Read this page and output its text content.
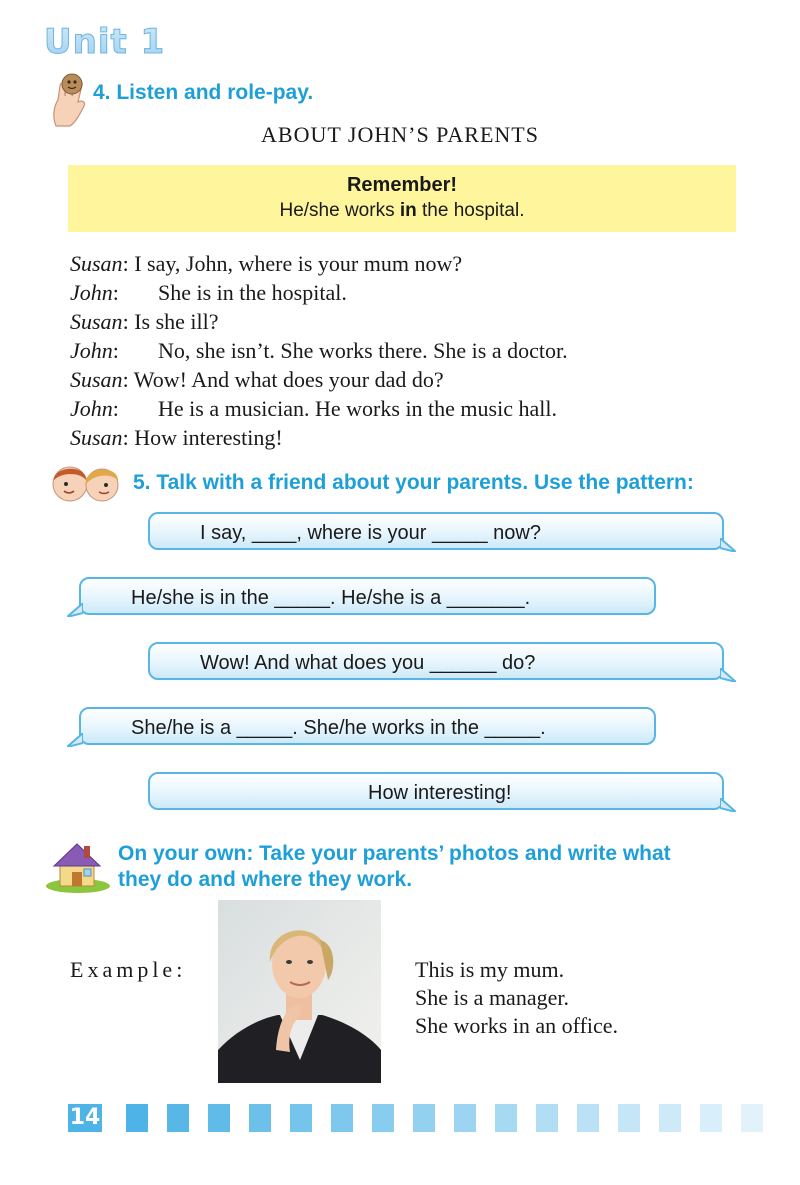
Unit 1
4. Listen and role-pay.
ABOUT JOHN’S PARENTS
Remember!
He/she works in the hospital.
Susan: I say, John, where is your mum now?
John: She is in the hospital.
Susan: Is she ill?
John: No, she isn’t. She works there. She is a doctor.
Susan: Wow! And what does your dad do?
John: He is a musician. He works in the music hall.
Susan: How interesting!
5. Talk with a friend about your parents. Use the pattern:
I say, ____, where is your _____ now?
He/she is in the _____. He/she is a _______.
Wow! And what does you ______ do?
She/he is a _____. She/he works in the _____.
How interesting!
On your own: Take your parents’ photos and write what
they do and where they work.
Example:	This is my mum.
She is a manager.
She works in an office.
14
